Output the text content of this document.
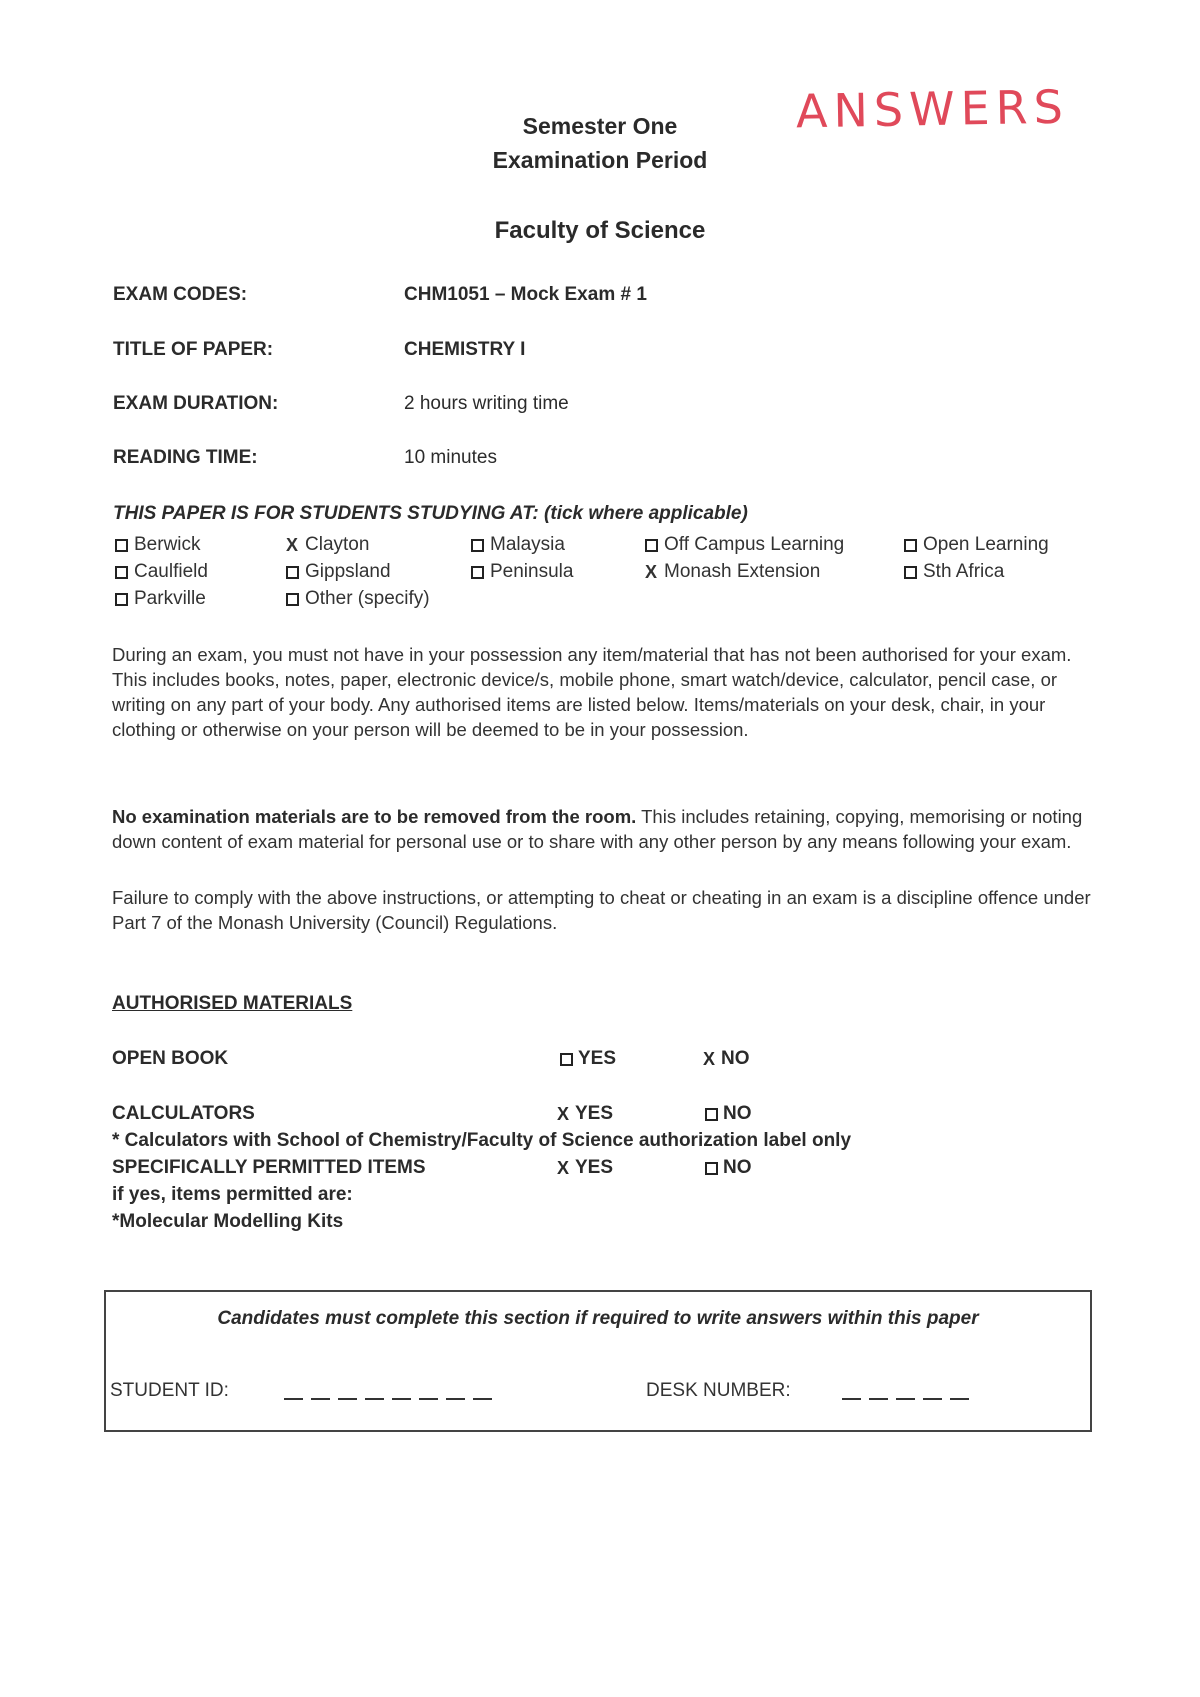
Semester One
Examination Period
Faculty of Science
ANSWERS
EXAM CODES:	CHM1051 – Mock Exam # 1
TITLE OF PAPER:	CHEMISTRY I
EXAM DURATION:	2 hours writing time
READING TIME:	10 minutes
THIS PAPER IS FOR STUDENTS STUDYING AT: (tick where applicable)
Berwick	X Clayton	Malaysia	Off Campus Learning	Open Learning
Caulfield	Gippsland	Peninsula	X Monash Extension	Sth Africa
Parkville	Other (specify)
During an exam, you must not have in your possession any item/material that has not been authorised for your exam. This includes books, notes, paper, electronic device/s, mobile phone, smart watch/device, calculator, pencil case, or writing on any part of your body. Any authorised items are listed below. Items/materials on your desk, chair, in your clothing or otherwise on your person will be deemed to be in your possession.
No examination materials are to be removed from the room. This includes retaining, copying, memorising or noting down content of exam material for personal use or to share with any other person by any means following your exam.
Failure to comply with the above instructions, or attempting to cheat or cheating in an exam is a discipline offence under Part 7 of the Monash University (Council) Regulations.
AUTHORISED MATERIALS
OPEN BOOK	YES	X NO
CALCULATORS	X YES	NO
* Calculators with School of Chemistry/Faculty of Science authorization label only
SPECIFICALLY PERMITTED ITEMS	X YES	NO
if yes, items permitted are:
*Molecular Modelling Kits
Candidates must complete this section if required to write answers within this paper
STUDENT ID:	DESK NUMBER:
